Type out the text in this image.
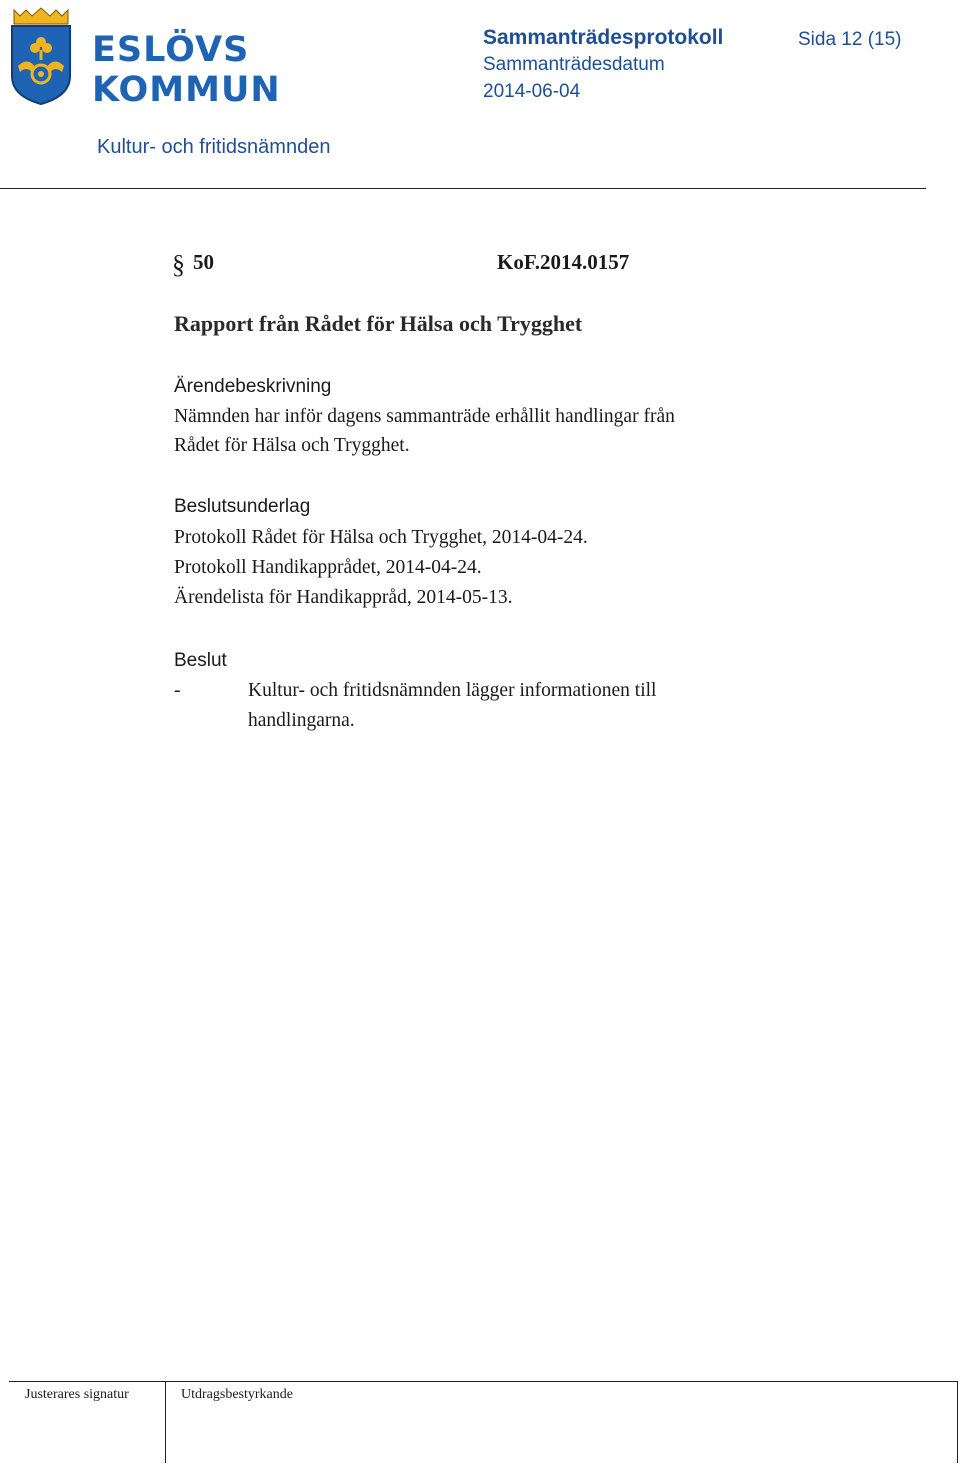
ESLÖVS
KOMMUN
Sammanträdesprotokoll	Sida 12 (15)
Sammanträdesdatum
2014-06-04
Kultur- och fritidsnämnden
§ 50	KoF.2014.0157
Rapport från Rådet för Hälsa och Trygghet
Ärendebeskrivning
Nämnden har inför dagens sammanträde erhållit handlingar från
Rådet för Hälsa och Trygghet.
Beslutsunderlag
Protokoll Rådet för Hälsa och Trygghet, 2014-04-24.
Protokoll Handikapprådet, 2014-04-24.
Ärendelista för Handikappråd, 2014-05-13.
Beslut
-	Kultur- och fritidsnämnden lägger informationen till
handlingarna.
Justerares signatur	Utdragsbestyrkande
